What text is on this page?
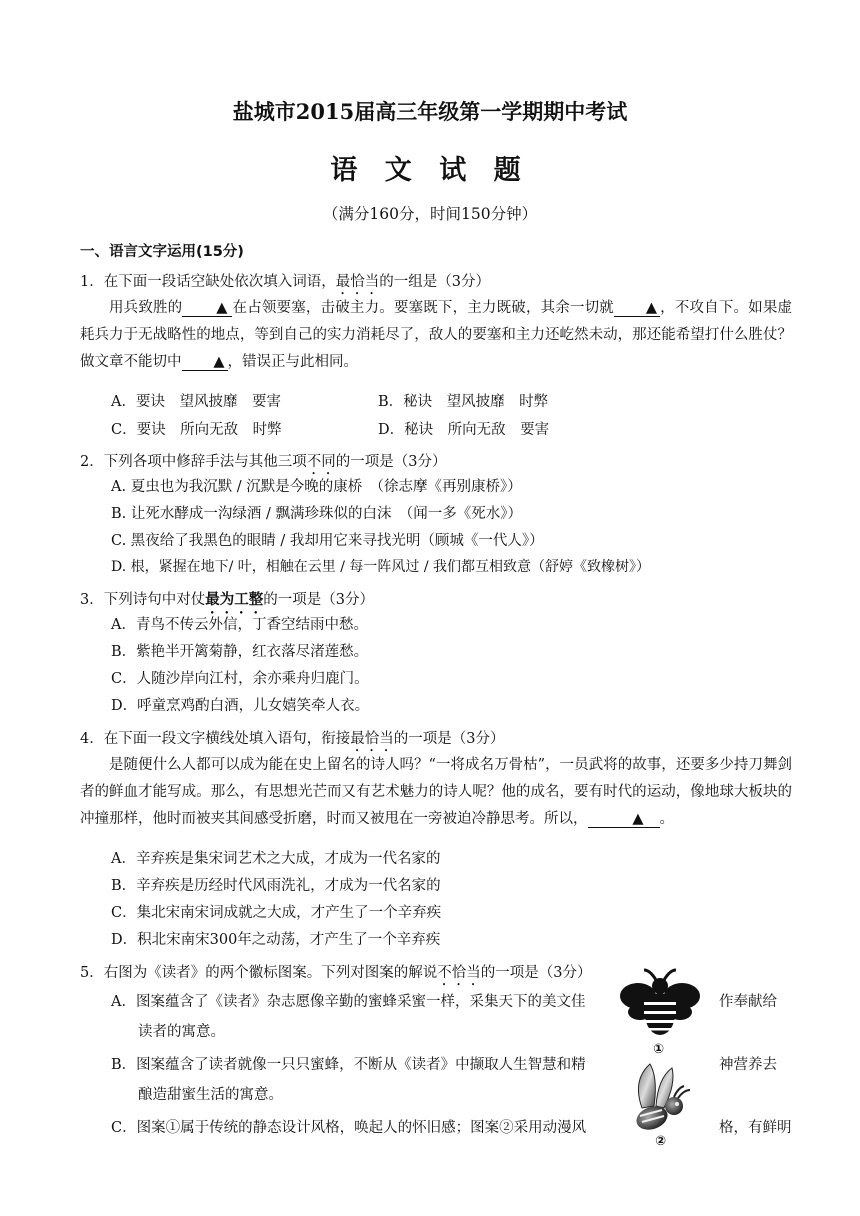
盐城市2015届高三年级第一学期期中考试
语 文 试 题
（满分160分，时间150分钟）
一、语言文字运用(15分)
1．在下面一段话空缺处依次填入词语，最恰当的一组是（3分）
用兵致胜的 ▲ 在占领要塞，击破主力。要塞既下，主力既破，其余一切就 ▲ ，不攻自下。如果虚耗兵力于无战略性的地点，等到自己的实力消耗尽了，敌人的要塞和主力还屹然未动，那还能希望打什么胜仗？做文章不能切中 ▲ ，错误正与此相同。
A．要诀　望风披靡　要害	B．秘诀　望风披靡　时弊
C．要诀　所向无敌　时弊	D．秘诀　所向无敌　要害
2．下列各项中修辞手法与其他三项不同的一项是（3分）
A. 夏虫也为我沉默 / 沉默是今晚的康桥　（徐志摩《再别康桥》）
B. 让死水酵成一沟绿酒 / 飘满珍珠似的白沫　（闻一多《死水》）
C. 黑夜给了我黑色的眼睛 / 我却用它来寻找光明（顾城《一代人》）
D. 根，紧握在地下/ 叶，相触在云里 / 每一阵风过 / 我们都互相致意（舒婷《致橡树》）
3．下列诗句中对仗最为工整的一项是（3分）
A．青鸟不传云外信，丁香空结雨中愁。
B．紫艳半开篱菊静，红衣落尽渚莲愁。
C．人随沙岸向江村，余亦乘舟归鹿门。
D．呼童烹鸡酌白酒，儿女嬉笑牵人衣。
4．在下面一段文字横线处填入语句，衔接最恰当的一项是（3分）
是随便什么人都可以成为能在史上留名的诗人吗？“一将成名万骨枯”，一员武将的故事，还要多少持刀舞剑者的鲜血才能写成。那么，有思想光芒而又有艺术魅力的诗人呢？他的成名，要有时代的运动，像地球大板块的冲撞那样，他时而被夹其间感受折磨，时而又被甩在一旁被迫冷静思考。所以，	▲ 。
A．辛弃疾是集宋词艺术之大成，才成为一代名家的
B．辛弃疾是历经时代风雨洗礼，才成为一代名家的
C．集北宋南宋词成就之大成，才产生了一个辛弃疾
D．积北宋南宋300年之动荡，才产生了一个辛弃疾
5．右图为《读者》的两个徽标图案。下列对图案的解说不恰当的一项是（3分）
A．图案蕴含了《读者》杂志愿像辛勤的蜜蜂采蜜一样，采集天下的美文佳	作奉献给
读者的寓意。
B．图案蕴含了读者就像一只只蜜蜂，不断从《读者》中撷取人生智慧和精	神营养去
酿造甜蜜生活的寓意。
C．图案①属于传统的静态设计风格，唤起人的怀旧感；图案②采用动漫风	格，有鲜明
①
②
